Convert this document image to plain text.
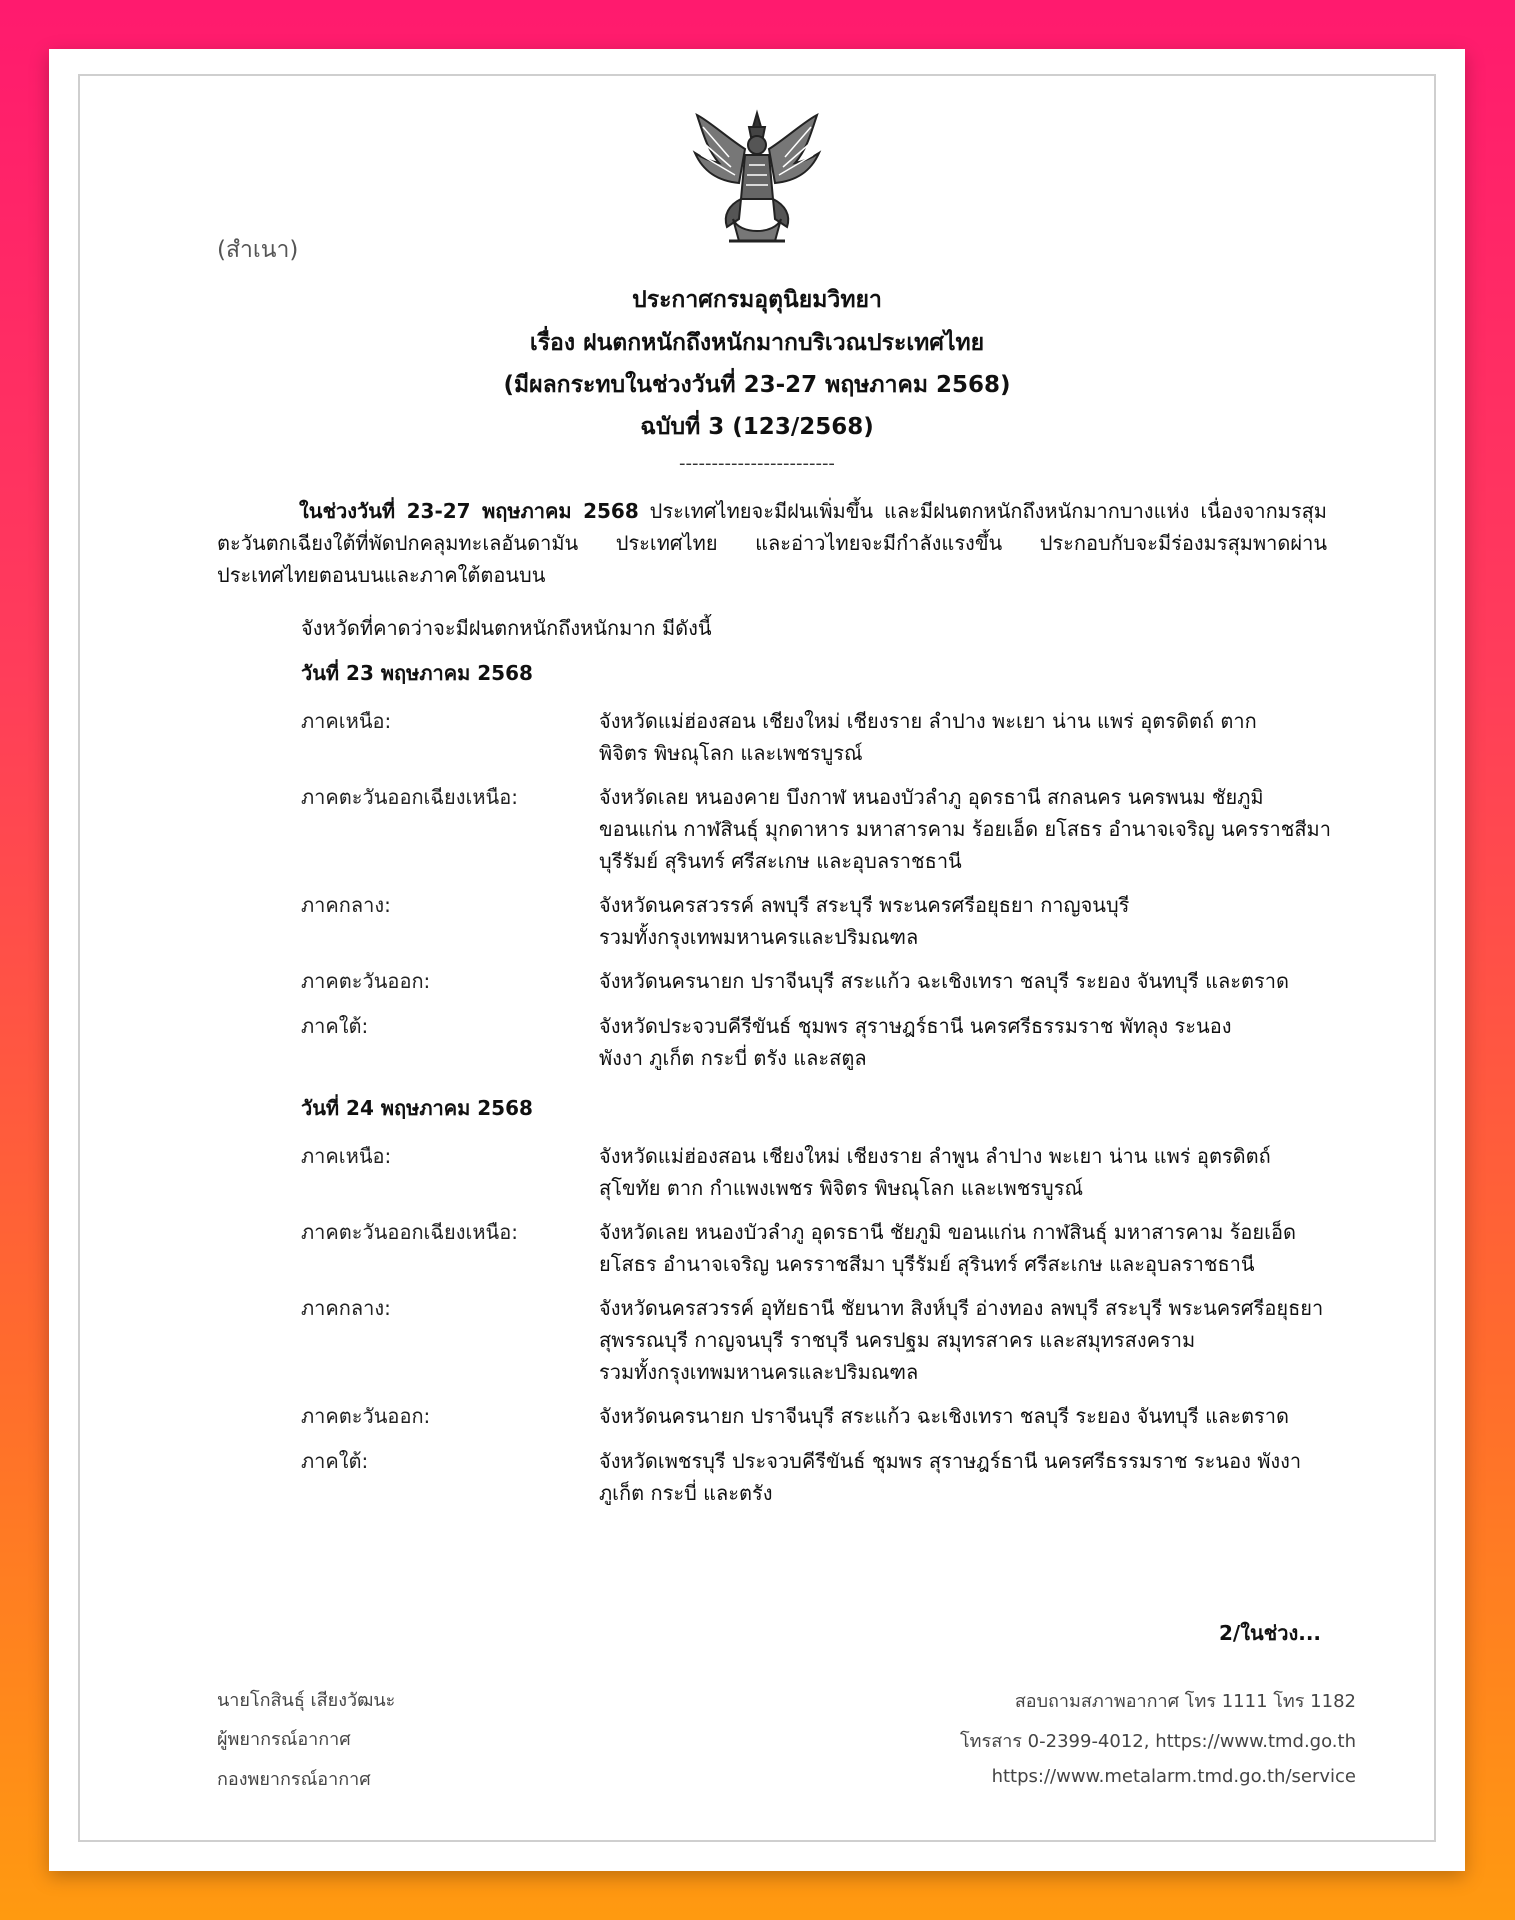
(สำเนา)
ประกาศกรมอุตุนิยมวิทยา
เรื่อง ฝนตกหนักถึงหนักมากบริเวณประเทศไทย
(มีผลกระทบในช่วงวันที่ 23-27 พฤษภาคม 2568)
ฉบับที่ 3 (123/2568)
------------------------
ในช่วงวันที่ 23-27 พฤษภาคม 2568 ประเทศไทยจะมีฝนเพิ่มขึ้น และมีฝนตกหนักถึงหนักมากบางแห่ง เนื่องจากมรสุมตะวันตกเฉียงใต้ที่พัดปกคลุมทะเลอันดามัน ประเทศไทย และอ่าวไทยจะมีกำลังแรงขึ้น ประกอบกับจะมีร่องมรสุมพาดผ่านประเทศไทยตอนบนและภาคใต้ตอนบน
จังหวัดที่คาดว่าจะมีฝนตกหนักถึงหนักมาก มีดังนี้
วันที่ 23 พฤษภาคม 2568
ภาคเหนือ:	จังหวัดแม่ฮ่องสอน เชียงใหม่ เชียงราย ลำปาง พะเยา น่าน แพร่ อุตรดิตถ์ ตาก
พิจิตร พิษณุโลก และเพชรบูรณ์
ภาคตะวันออกเฉียงเหนือ:	จังหวัดเลย หนองคาย บึงกาฬ หนองบัวลำภู อุดรธานี สกลนคร นครพนม ชัยภูมิ
ขอนแก่น กาฬสินธุ์ มุกดาหาร มหาสารคาม ร้อยเอ็ด ยโสธร อำนาจเจริญ นครราชสีมา
บุรีรัมย์ สุรินทร์ ศรีสะเกษ และอุบลราชธานี
ภาคกลาง:	จังหวัดนครสวรรค์ ลพบุรี สระบุรี พระนครศรีอยุธยา กาญจนบุรี
รวมทั้งกรุงเทพมหานครและปริมณฑล
ภาคตะวันออก:	จังหวัดนครนายก ปราจีนบุรี สระแก้ว ฉะเชิงเทรา ชลบุรี ระยอง จันทบุรี และตราด
ภาคใต้:	จังหวัดประจวบคีรีขันธ์ ชุมพร สุราษฎร์ธานี นครศรีธรรมราช พัทลุง ระนอง
พังงา ภูเก็ต กระบี่ ตรัง และสตูล
วันที่ 24 พฤษภาคม 2568
ภาคเหนือ:	จังหวัดแม่ฮ่องสอน เชียงใหม่ เชียงราย ลำพูน ลำปาง พะเยา น่าน แพร่ อุตรดิตถ์
สุโขทัย ตาก กำแพงเพชร พิจิตร พิษณุโลก และเพชรบูรณ์
ภาคตะวันออกเฉียงเหนือ:	จังหวัดเลย หนองบัวลำภู อุดรธานี ชัยภูมิ ขอนแก่น กาฬสินธุ์ มหาสารคาม ร้อยเอ็ด
ยโสธร อำนาจเจริญ นครราชสีมา บุรีรัมย์ สุรินทร์ ศรีสะเกษ และอุบลราชธานี
ภาคกลาง:	จังหวัดนครสวรรค์ อุทัยธานี ชัยนาท สิงห์บุรี อ่างทอง ลพบุรี สระบุรี พระนครศรีอยุธยา
สุพรรณบุรี กาญจนบุรี ราชบุรี นครปฐม สมุทรสาคร และสมุทรสงคราม
รวมทั้งกรุงเทพมหานครและปริมณฑล
ภาคตะวันออก:	จังหวัดนครนายก ปราจีนบุรี สระแก้ว ฉะเชิงเทรา ชลบุรี ระยอง จันทบุรี และตราด
ภาคใต้:	จังหวัดเพชรบุรี ประจวบคีรีขันธ์ ชุมพร สุราษฎร์ธานี นครศรีธรรมราช ระนอง พังงา
ภูเก็ต กระบี่ และตรัง
2/ในช่วง...
นายโกสินธุ์ เสียงวัฒนะ
ผู้พยากรณ์อากาศ
กองพยากรณ์อากาศ
สอบถามสภาพอากาศ โทร 1111 โทร 1182
โทรสาร 0-2399-4012, https://www.tmd.go.th
https://www.metalarm.tmd.go.th/service
